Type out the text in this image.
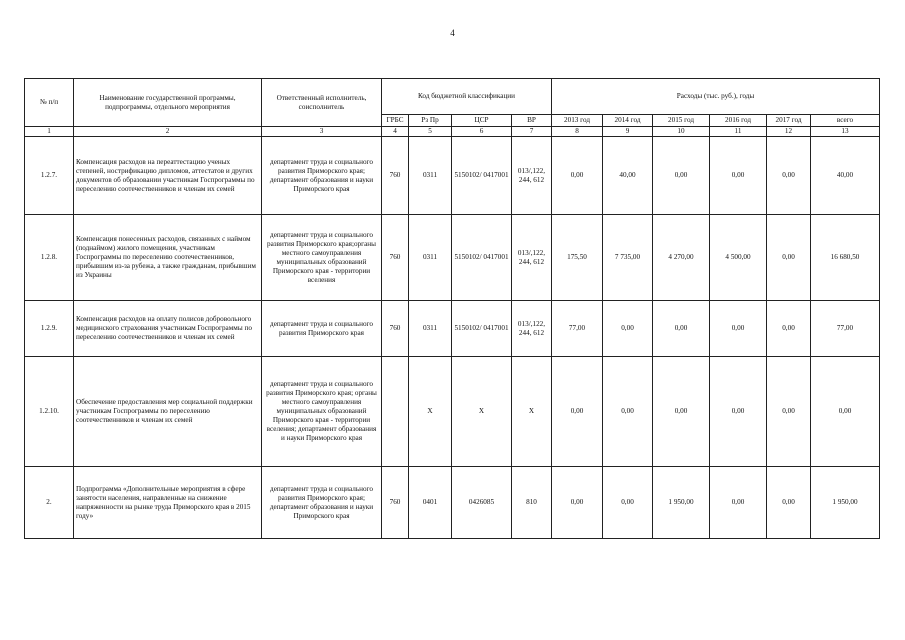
4
№ п/п	Наименование государственной программы, подпрограммы, отдельного мероприятия	Ответственный исполнитель, соисполнитель	Код бюджетной классификации				Расходы (тыс. руб.), годы					
			ГРБС	Рз Пр	ЦСР	ВР	2013 год	2014 год	2015 год	2016 год	2017 год	всего
1	2	3	4	5	6	7	8	9	10	11	12	13
1.2.7.	Компенсация расходов на переаттестацию ученых степеней, нострификацию дипломов, аттестатов и других документов об образовании участникам Госпрограммы по переселению соотечественников и членам их семей	департамент труда и социального развития Приморского края; департамент образования и науки Приморского края	760	0311	5150102/ 0417001	013/,122, 244, 612	0,00	40,00	0,00	0,00	0,00	40,00
1.2.8.	Компенсация понесенных расходов, связанных с наймом (поднаймом) жилого помещения, участникам Госпрограммы по переселению соотечественников, прибывшим из-за рубежа, а также гражданам, прибывшим из Украины	департамент труда и социального развития Приморского края;органы местного самоуправления муниципальных образований Приморского края - территории вселения	760	0311	5150102/ 0417001	013/,122, 244, 612	175,50	7 735,00	4 270,00	4 500,00	0,00	16 680,50
1.2.9.	Компенсация расходов на оплату полисов добровольного медицинского страхования участникам Госпрограммы по переселению соотечественников и членам их семей	департамент труда и социального развития Приморского края	760	0311	5150102/ 0417001	013/,122, 244, 612	77,00	0,00	0,00	0,00	0,00	77,00
1.2.10.	Обеспечение предоставления мер социальной поддержки участникам Госпрограммы по переселению соотечественников и членам их семей	департамент труда и социального развития Приморского края; органы местного самоуправления муниципальных образований Приморского края - территории вселения; департамент образования и науки Приморского края		Х	Х	Х	0,00	0,00	0,00	0,00	0,00	0,00
2.	Подпрограмма «Дополнительные мероприятия в сфере занятости населения, направленные на снижение напряженности на рынке труда Приморского края в 2015 году»	департамент труда и социального развития Приморского края; департамент образования и науки Приморского края	760	0401	0426085	810	0,00	0,00	1 950,00	0,00	0,00	1 950,00
